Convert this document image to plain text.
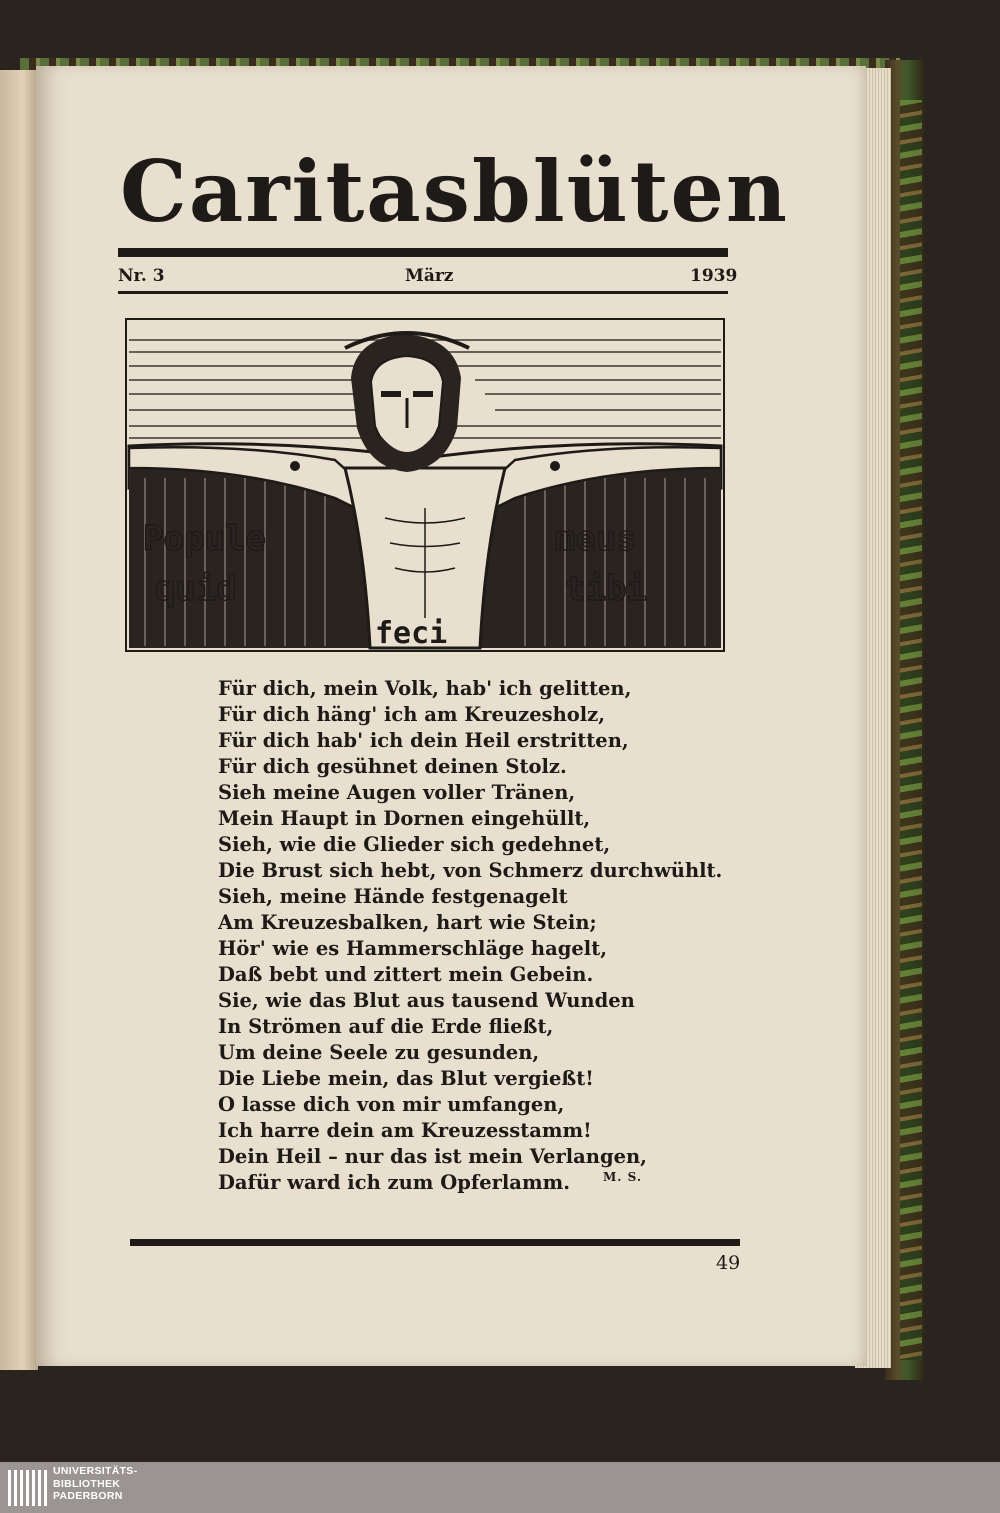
Caritasblüten
Nr. 3	März	1939
Popule	meus
quid	tibi
feci
Für dich, mein Volk, hab' ich gelitten,
Für dich häng' ich am Kreuzesholz,
Für dich hab' ich dein Heil erstritten,
Für dich gesühnet deinen Stolz.
Sieh meine Augen voller Tränen,
Mein Haupt in Dornen eingehüllt,
Sieh, wie die Glieder sich gedehnet,
Die Brust sich hebt, von Schmerz durchwühlt.
Sieh, meine Hände festgenagelt
Am Kreuzesbalken, hart wie Stein;
Hör' wie es Hammerschläge hagelt,
Daß bebt und zittert mein Gebein.
Sie, wie das Blut aus tausend Wunden
In Strömen auf die Erde fließt,
Um deine Seele zu gesunden,
Die Liebe mein, das Blut vergießt!
O lasse dich von mir umfangen,
Ich harre dein am Kreuzesstamm!
Dein Heil – nur das ist mein Verlangen,
Dafür ward ich zum Opferlamm.	M. S.
49
UNIVERSITÄTS-
BIBLIOTHEK
PADERBORN
